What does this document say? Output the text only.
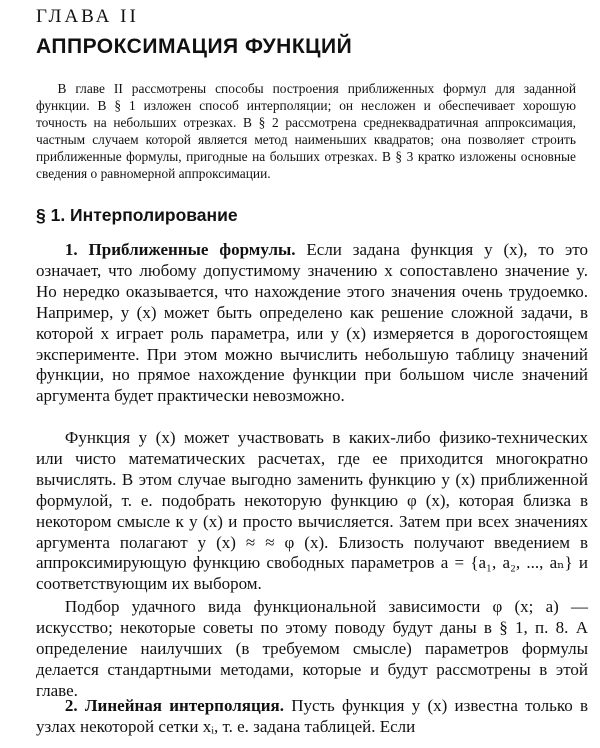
ГЛАВА II
АППРОКСИМАЦИЯ ФУНКЦИЙ

В главе II рассмотрены способы построения приближенных формул для заданной функции. В § 1 изложен способ интерполяции; он несложен и обеспечивает хорошую точность на небольших отрезках. В § 2 рассмотрена среднеквадратичная аппроксимация, частным случаем которой является метод наименьших квадратов; она позволяет строить приближенные формулы, пригодные на больших отрезках. В § 3 кратко изложены основные сведения о равномерной аппроксимации.

§ 1. Интерполирование

1. Приближенные формулы. Если задана функция y (x), то это означает, что любому допустимому значению x сопоставлено значение y. Но нередко оказывается, что нахождение этого значения очень трудоемко. Например, y (x) может быть определено как решение сложной задачи, в которой x играет роль параметра, или y (x) измеряется в дорогостоящем эксперименте. При этом можно вычислить небольшую таблицу значений функции, но прямое нахождение функции при большом числе значений аргумента будет практически невозможно.

Функция y (x) может участвовать в каких-либо физико-технических или чисто математических расчетах, где ее приходится многократно вычислять. В этом случае выгодно заменить функцию y (x) приближенной формулой, т. е. подобрать некоторую функцию φ (x), которая близка в некотором смысле к y (x) и просто вычисляется. Затем при всех значениях аргумента полагают y (x) ≈ ≈ φ (x). Близость получают введением в аппроксимирующую функцию свободных параметров a = {a₁, a₂, ..., aₙ} и соответствующим их выбором.

Подбор удачного вида функциональной зависимости φ (x; a) — искусство; некоторые советы по этому поводу будут даны в § 1, п. 8. А определение наилучших (в требуемом смысле) параметров формулы делается стандартными методами, которые и будут рассмотрены в этой главе.

2. Линейная интерполяция. Пусть функция y (x) известна только в узлах некоторой сетки xᵢ, т. е. задана таблицей. Если
